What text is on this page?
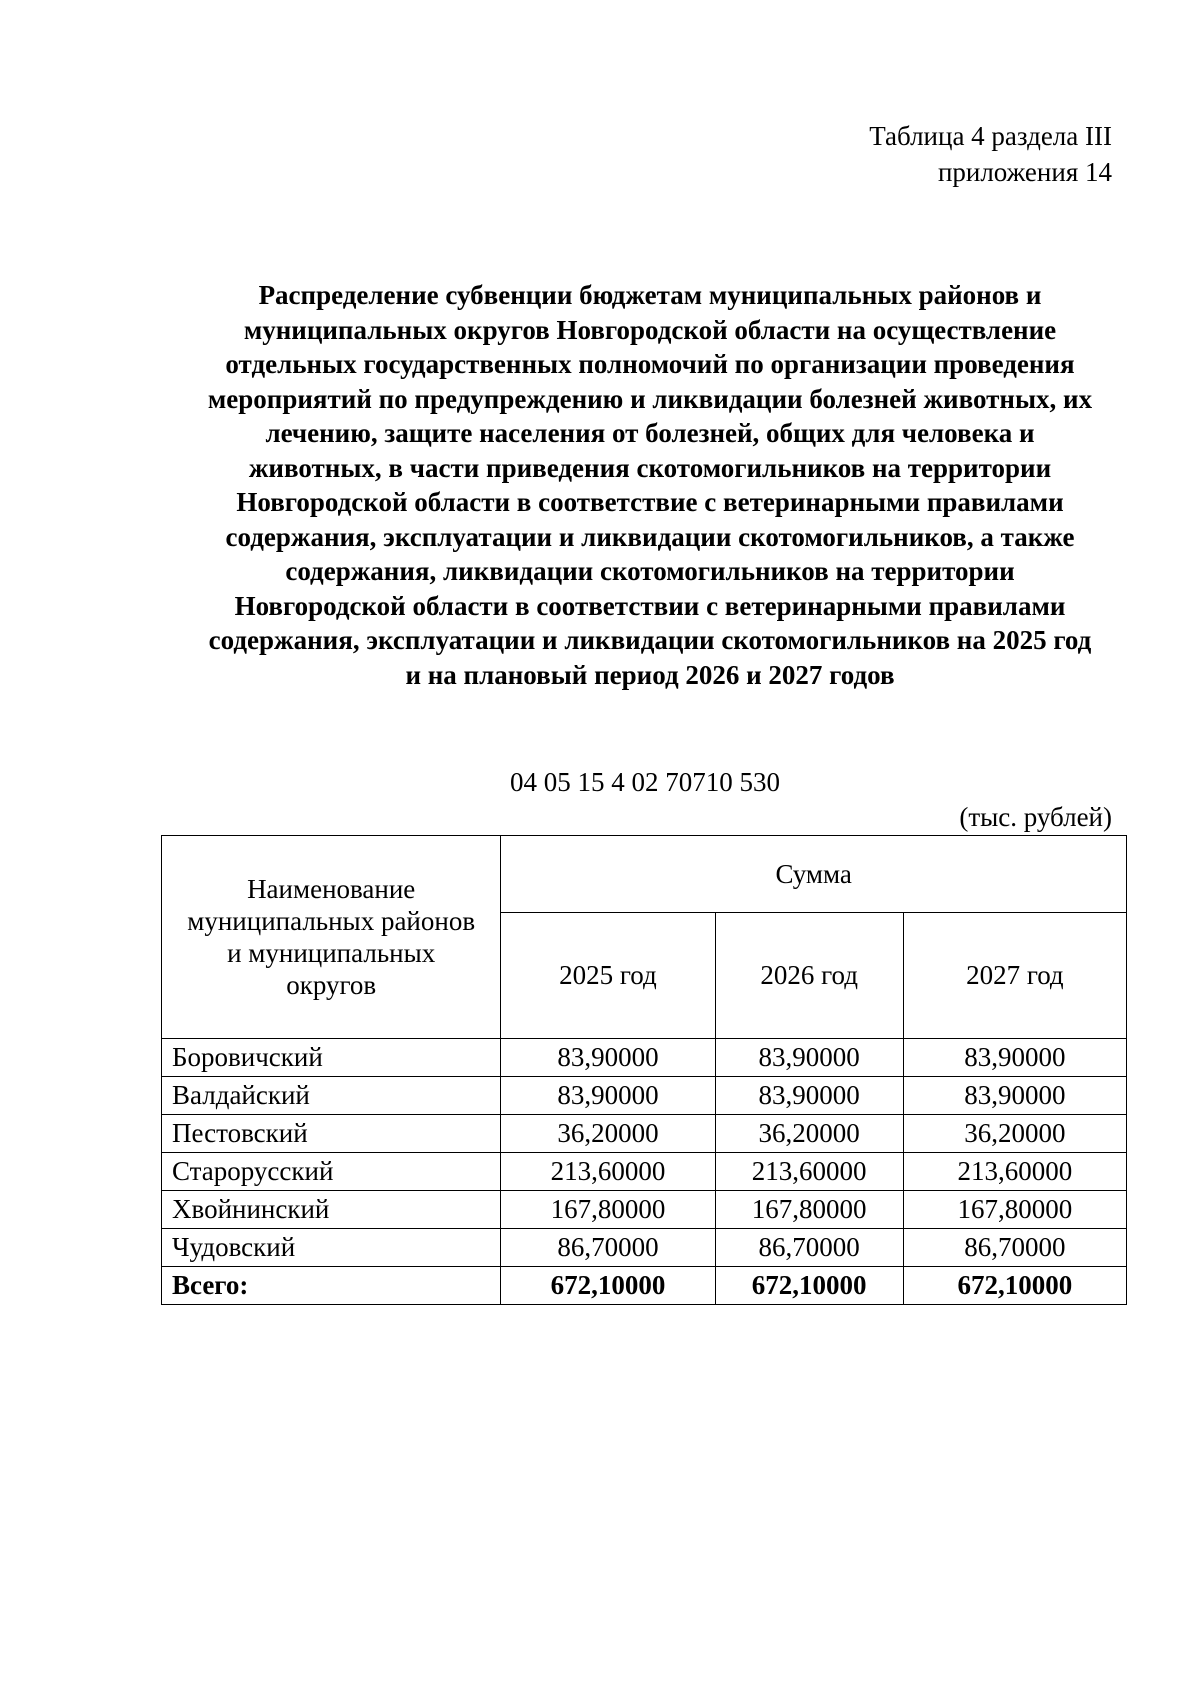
Таблица 4 раздела III
приложения 14
Распределение субвенции бюджетам муниципальных районов и
муниципальных округов Новгородской области на осуществление
отдельных государственных полномочий по организации проведения
мероприятий по предупреждению и ликвидации болезней животных, их
лечению, защите населения от болезней, общих для человека и
животных, в части приведения скотомогильников на территории
Новгородской области в соответствие с ветеринарными правилами
содержания, эксплуатации и ликвидации скотомогильников, а также
содержания, ликвидации скотомогильников на территории
Новгородской области в соответствии с ветеринарными правилами
содержания, эксплуатации и ликвидации скотомогильников на 2025 год
и на плановый период 2026 и 2027 годов
04 05 15 4 02 70710 530
(тыс. рублей)
Наименование
муниципальных районов
и муниципальных
округов	Сумма		
	2025 год	2026 год	2027 год
Боровичский	83,90000	83,90000	83,90000
Валдайский	83,90000	83,90000	83,90000
Пестовский	36,20000	36,20000	36,20000
Старорусский	213,60000	213,60000	213,60000
Хвойнинский	167,80000	167,80000	167,80000
Чудовский	86,70000	86,70000	86,70000
Всего:	672,10000	672,10000	672,10000
